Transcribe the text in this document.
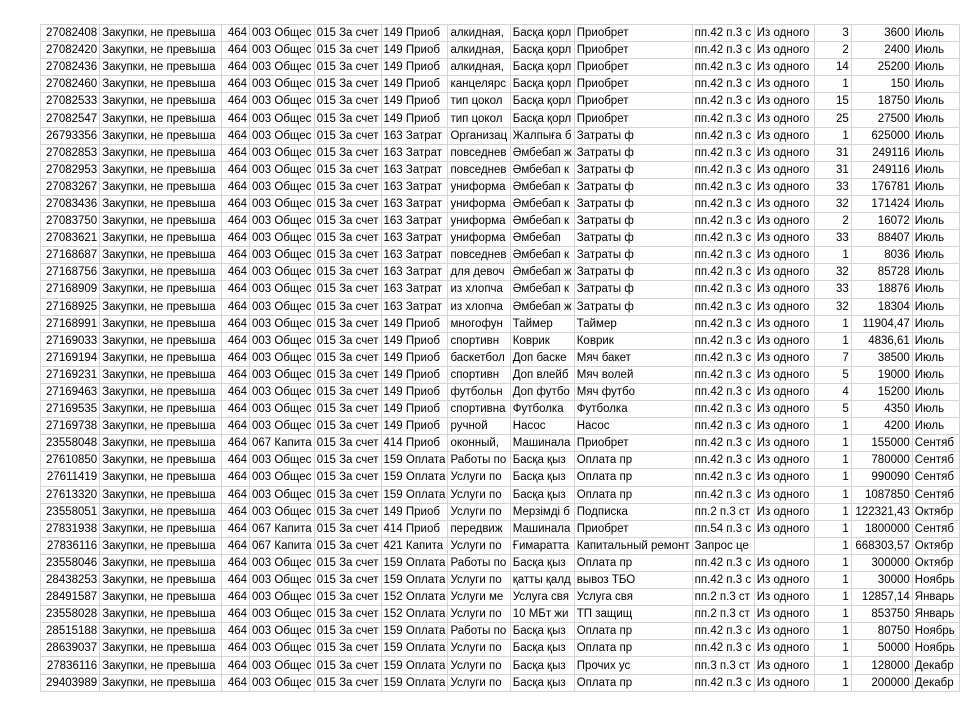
27082408	Закупки, не превыша	464	003 Общес	015 За счет	149 Приоб	алкидная,	Басқа қорл	Приобрет	пп.42 п.3 с	Из одного	3	3600	Июль
27082420	Закупки, не превыша	464	003 Общес	015 За счет	149 Приоб	алкидная,	Басқа қорл	Приобрет	пп.42 п.3 с	Из одного	2	2400	Июль
27082436	Закупки, не превыша	464	003 Общес	015 За счет	149 Приоб	алкидная,	Басқа қорл	Приобрет	пп.42 п.3 с	Из одного	14	25200	Июль
27082460	Закупки, не превыша	464	003 Общес	015 За счет	149 Приоб	канцелярс	Басқа қорл	Приобрет	пп.42 п.3 с	Из одного	1	150	Июль
27082533	Закупки, не превыша	464	003 Общес	015 За счет	149 Приоб	тип цокол	Басқа қорл	Приобрет	пп.42 п.3 с	Из одного	15	18750	Июль
27082547	Закупки, не превыша	464	003 Общес	015 За счет	149 Приоб	тип цокол	Басқа қорл	Приобрет	пп.42 п.3 с	Из одного	25	27500	Июль
26793356	Закупки, не превыша	464	003 Общес	015 За счет	163 Затрат	Организац	Жалпыға б	Затраты ф	пп.42 п.3 с	Из одного	1	625000	Июль
27082853	Закупки, не превыша	464	003 Общес	015 За счет	163 Затрат	повседнев	Әмбебап ж	Затраты ф	пп.42 п.3 с	Из одного	31	249116	Июль
27082953	Закупки, не превыша	464	003 Общес	015 За счет	163 Затрат	повседнев	Әмбебап к	Затраты ф	пп.42 п.3 с	Из одного	31	249116	Июль
27083267	Закупки, не превыша	464	003 Общес	015 За счет	163 Затрат	униформа	Әмбебап к	Затраты ф	пп.42 п.3 с	Из одного	33	176781	Июль
27083436	Закупки, не превыша	464	003 Общес	015 За счет	163 Затрат	униформа	Әмбебап к	Затраты ф	пп.42 п.3 с	Из одного	32	171424	Июль
27083750	Закупки, не превыша	464	003 Общес	015 За счет	163 Затрат	униформа	Әмбебап к	Затраты ф	пп.42 п.3 с	Из одного	2	16072	Июль
27083621	Закупки, не превыша	464	003 Общес	015 За счет	163 Затрат	униформа	Әмбебап	Затраты ф	пп.42 п.3 с	Из одного	33	88407	Июль
27168687	Закупки, не превыша	464	003 Общес	015 За счет	163 Затрат	повседнев	Әмбебап к	Затраты ф	пп.42 п.3 с	Из одного	1	8036	Июль
27168756	Закупки, не превыша	464	003 Общес	015 За счет	163 Затрат	для девоч	Әмбебап ж	Затраты ф	пп.42 п.3 с	Из одного	32	85728	Июль
27168909	Закупки, не превыша	464	003 Общес	015 За счет	163 Затрат	из хлопча	Әмбебап к	Затраты ф	пп.42 п.3 с	Из одного	33	18876	Июль
27168925	Закупки, не превыша	464	003 Общес	015 За счет	163 Затрат	из хлопча	Әмбебап ж	Затраты ф	пп.42 п.3 с	Из одного	32	18304	Июль
27168991	Закупки, не превыша	464	003 Общес	015 За счет	149 Приоб	многофун	Таймер	Таймер	пп.42 п.3 с	Из одного	1	11904,47	Июль
27169033	Закупки, не превыша	464	003 Общес	015 За счет	149 Приоб	спортивн	Коврик	Коврик	пп.42 п.3 с	Из одного	1	4836,61	Июль
27169194	Закупки, не превыша	464	003 Общес	015 За счет	149 Приоб	баскетбол	Доп баске	Мяч бакет	пп.42 п.3 с	Из одного	7	38500	Июль
27169231	Закупки, не превыша	464	003 Общес	015 За счет	149 Приоб	спортивн	Доп влейб	Мяч волей	пп.42 п.3 с	Из одного	5	19000	Июль
27169463	Закупки, не превыша	464	003 Общес	015 За счет	149 Приоб	футбольн	Доп футбо	Мяч футбо	пп.42 п.3 с	Из одного	4	15200	Июль
27169535	Закупки, не превыша	464	003 Общес	015 За счет	149 Приоб	спортивна	Футболка	Футболка	пп.42 п.3 с	Из одного	5	4350	Июль
27169738	Закупки, не превыша	464	003 Общес	015 За счет	149 Приоб	ручной	Насос	Насос	пп.42 п.3 с	Из одного	1	4200	Июль
23558048	Закупки, не превыша	464	067 Капита	015 За счет	414 Приоб	оконный,	Машинала	Приобрет	пп.42 п.3 с	Из одного	1	155000	Сентяб
27610850	Закупки, не превыша	464	003 Общес	015 За счет	159 Оплата	Работы по	Басқа қыз	Оплата пр	пп.42 п.3 с	Из одного	1	780000	Сентяб
27611419	Закупки, не превыша	464	003 Общес	015 За счет	159 Оплата	Услуги по	Басқа қыз	Оплата пр	пп.42 п.3 с	Из одного	1	990090	Сентяб
27613320	Закупки, не превыша	464	003 Общес	015 За счет	159 Оплата	Услуги по	Басқа қыз	Оплата пр	пп.42 п.3 с	Из одного	1	1087850	Сентяб
23558051	Закупки, не превыша	464	003 Общес	015 За счет	149 Приоб	Услуги по	Мерзімді б	Подписка	пп.2 п.3 ст	Из одного	1	122321,43	Октябр
27831938	Закупки, не превыша	464	067 Капита	015 За счет	414 Приоб	передвиж	Машинала	Приобрет	пп.54 п.3 с	Из одного	1	1800000	Сентяб
27836116	Закупки, не превыша	464	067 Капита	015 За счет	421 Капита	Услуги по	Ғимаратта	Капитальный ремонт	Запрос це		1	668303,57	Октябр
23558046	Закупки, не превыша	464	003 Общес	015 За счет	159 Оплата	Работы по	Басқа қыз	Оплата пр	пп.42 п.3 с	Из одного	1	300000	Октябр
28438253	Закупки, не превыша	464	003 Общес	015 За счет	159 Оплата	Услуги по	қатты қалд	вывоз ТБО	пп.42 п.3 с	Из одного	1	30000	Ноябрь
28491587	Закупки, не превыша	464	003 Общес	015 За счет	152 Оплата	Услуги ме	Услуга свя	Услуга свя	пп.2 п.3 ст	Из одного	1	12857,14	Январь
23558028	Закупки, не превыша	464	003 Общес	015 За счет	152 Оплата	Услуги по	10 МБт жи	ТП защищ	пп.2 п.3 ст	Из одного	1	853750	Январь
28515188	Закупки, не превыша	464	003 Общес	015 За счет	159 Оплата	Работы по	Басқа қыз	Оплата пр	пп.42 п.3 с	Из одного	1	80750	Ноябрь
28639037	Закупки, не превыша	464	003 Общес	015 За счет	159 Оплата	Услуги по	Басқа қыз	Оплата пр	пп.42 п.3 с	Из одного	1	50000	Ноябрь
27836116	Закупки, не превыша	464	003 Общес	015 За счет	159 Оплата	Услуги по	Басқа қыз	Прочих ус	пп.3 п.3 ст	Из одного	1	128000	Декабр
29403989	Закупки, не превыша	464	003 Общес	015 За счет	159 Оплата	Услуги по	Басқа қыз	Оплата пр	пп.42 п.3 с	Из одного	1	200000	Декабр
